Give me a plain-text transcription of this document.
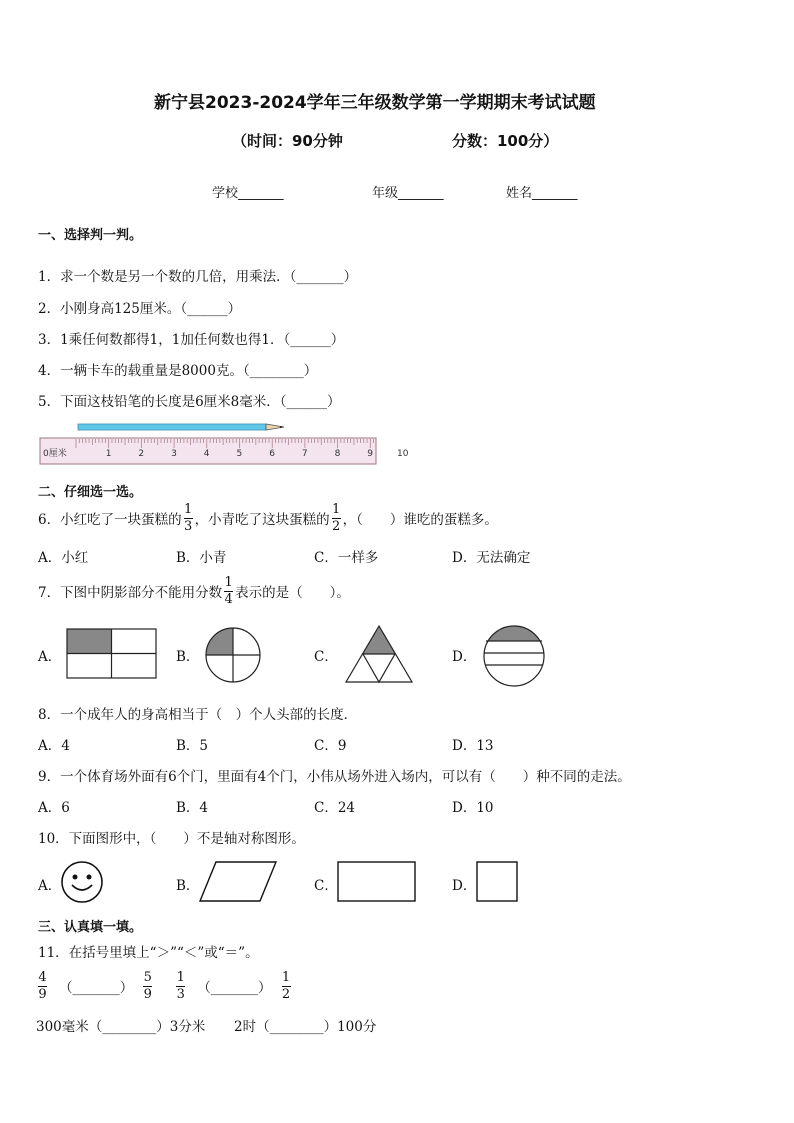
新宁县2023-2024学年三年级数学第一学期期末考试试题
（时间：90分钟	分数：100分）
学校_______	年级_______	姓名_______
一、选择判一判。
1．求一个数是另一个数的几倍，用乘法．（_______）
2．小刚身高125厘米。（______）
3．1乘任何数都得1，1加任何数也得1．（______）
4．一辆卡车的载重量是8000克。（________）
5．下面这枝铅笔的长度是6厘米8毫米．（______）
0厘米	1	2	3	4	5	6	7	8	9	10
二、仔细选一选。
6．小红吃了一块蛋糕的 $\frac{1}{3}$ ，小青吃了这块蛋糕的 $\frac{1}{2}$ ，（　　）谁吃的蛋糕多。
A．小红	B．小青	C．一样多	D．无法确定
7．下图中阴影部分不能用分数 $\frac{1}{4}$ 表示的是（　　）。
A．	B．	C．	D．
8．一个成年人的身高相当于（　）个人头部的长度．
A．4	B．5	C．9	D．13
9．一个体育场外面有6个门，里面有4个门，小伟从场外进入场内，可以有（　　）种不同的走法。
A．6	B．4	C．24	D．10
10．下面图形中，（　　）不是轴对称图形。
A．	B．	C．	D．
三、认真填一填。
11．在括号里填上“＞”“＜”或“＝”。
$\frac{4}{9}$ （_______） $\frac{5}{9} \frac{1}{3}$ （_______） $\frac{1}{2}$
300毫米（________）3分米 2时（________）100分
